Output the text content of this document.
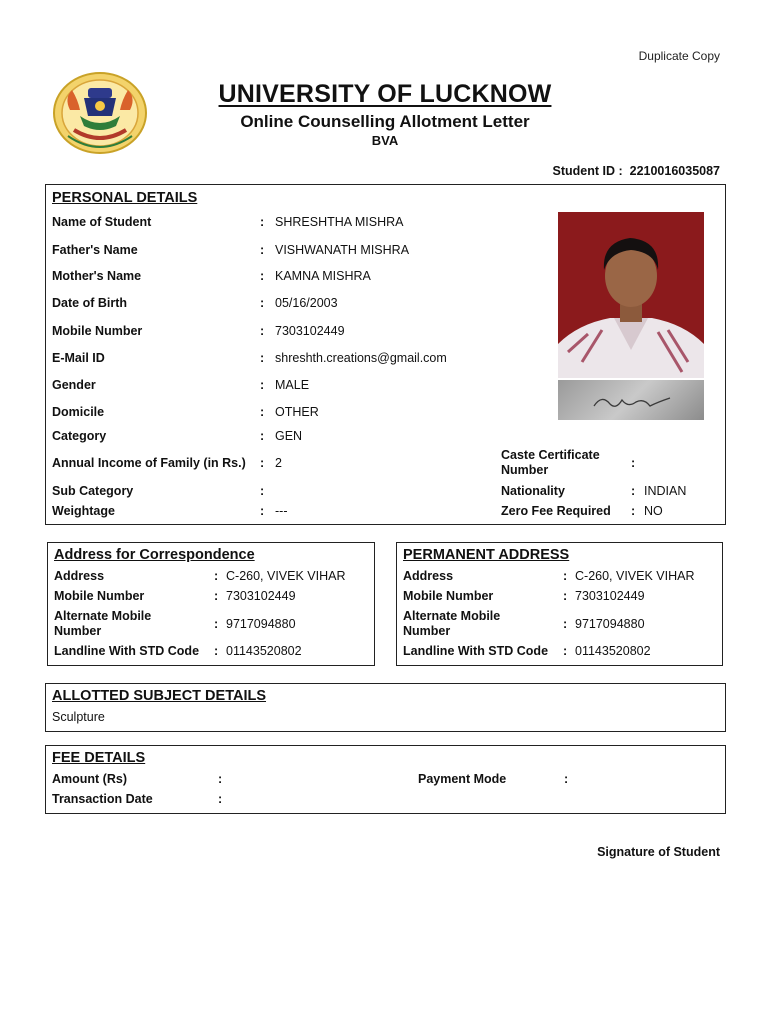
Duplicate Copy
UNIVERSITY OF LUCKNOW
Online Counselling Allotment Letter
BVA
Student ID : 2210016035087
PERSONAL DETAILS
Name of Student	: SHRESHTHA MISHRA
Father's Name	: VISHWANATH MISHRA
Mother's Name	: KAMNA MISHRA
Date of Birth	: 05/16/2003
Mobile Number	: 7303102449
E-Mail ID	: shreshth.creations@gmail.com
Gender	: MALE
Domicile	: OTHER
Category	: GEN
Annual Income of Family (in Rs.) : 2
Sub Category	:
Weightage	: ---
Caste Certificate Number	:
Nationality	: INDIAN
Zero Fee Required : NO
Address for Correspondence
Address	: C-260, VIVEK VIHAR
Mobile Number	: 7303102449
Alternate Mobile Number	: 9717094880
Landline With STD Code : 01143520802
PERMANENT ADDRESS
Address	: C-260, VIVEK VIHAR
Mobile Number	: 7303102449
Alternate Mobile Number	: 9717094880
Landline With STD Code : 01143520802
ALLOTTED SUBJECT DETAILS
Sculpture
FEE DETAILS
Amount (Rs)	:	Payment Mode	:
Transaction Date	:
Signature of Student
